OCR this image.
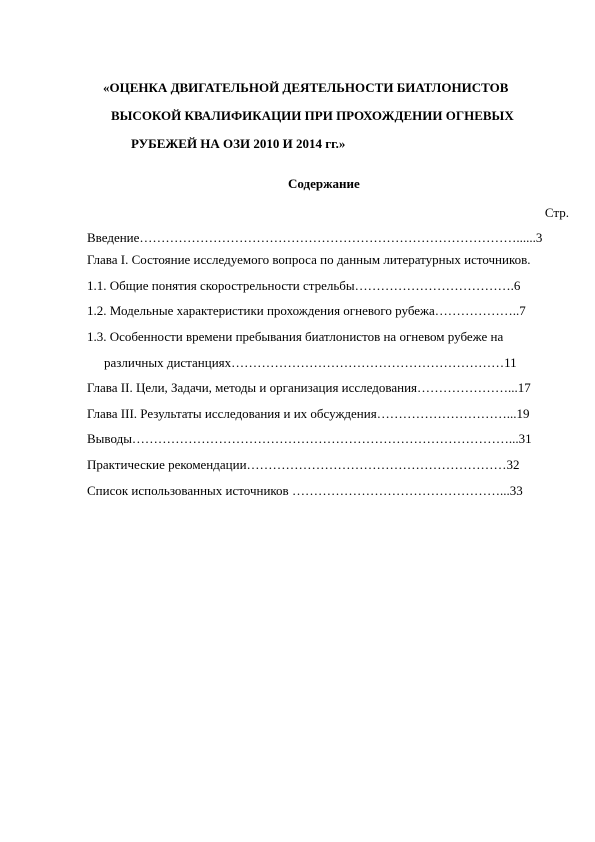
«ОЦЕНКА ДВИГАТЕЛЬНОЙ ДЕЯТЕЛЬНОСТИ БИАТЛОНИСТОВ
ВЫСОКОЙ КВАЛИФИКАЦИИ ПРИ ПРОХОЖДЕНИИ ОГНЕВЫХ
РУБЕЖЕЙ НА ОЗИ 2010 И 2014 гг.»
Содержание
Стр.
Введение……………………………………………………………………………......3
Глава I. Состояние исследуемого вопроса по данным литературных источников.
1.1. Общие понятия скорострельности стрельбы……………………………….6
1.2. Модельные характеристики прохождения огневого рубежа………………..7
1.3. Особенности времени пребывания биатлонистов на огневом рубеже на
различных дистанциях………………………………………………………11
Глава II. Цели, Задачи, методы и организация исследования…………………...17
Глава III. Результаты исследования и их обсуждения…………………………...19
Выводы……………………………………………………………………………...31
Практические рекомендации……………………………………………………32
Список использованных источников …………………………………………...33
